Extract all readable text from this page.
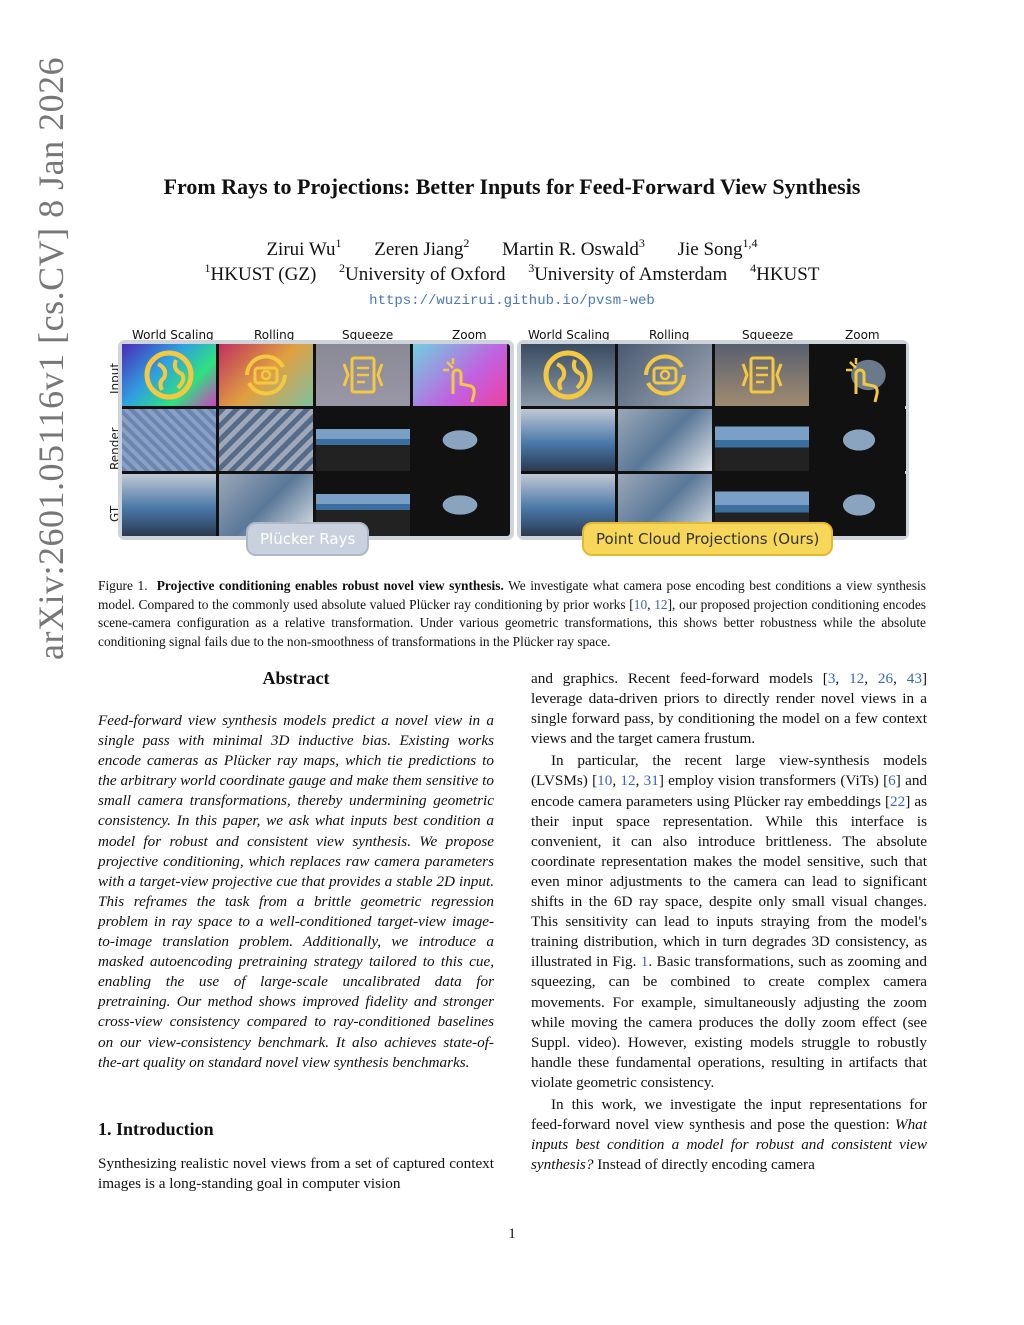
arXiv:2601.05116v1 [cs.CV] 8 Jan 2026	From Rays to Projections: Better Inputs for Feed-Forward View Synthesis
Zirui Wu$^1$ Zeren Jiang$^2$ Martin R. Oswald$^3$ Jie Song$^{1,4}$
$^1$HKUST (GZ) $^2$University of Oxford $^3$University of Amsterdam $^4$HKUST
https://wuzirui.github.io/pvsm-web
World Scaling	Rolling	Squeeze	Zoom	World Scaling	Rolling	Squeeze	Zoom
Input
Render
GT
Plücker Rays	Point Cloud Projections (Ours)
Figure 1. Projective conditioning enables robust novel view synthesis. We investigate what camera pose encoding best conditions a view synthesis model. Compared to the commonly used absolute valued Plücker ray conditioning by prior works [10, 12], our proposed projection conditioning encodes scene-camera configuration as a relative transformation. Under various geometric transformations, this shows better robustness while the absolute conditioning signal fails due to the non-smoothness of transformations in the Plücker ray space.
Abstract

Feed-forward view synthesis models predict a novel view in a single pass with minimal 3D inductive bias. Existing works encode cameras as Plücker ray maps, which tie predictions to the arbitrary world coordinate gauge and make them sensitive to small camera transformations, thereby undermining geometric consistency. In this paper, we ask what inputs best condition a model for robust and consistent view synthesis. We propose projective conditioning, which replaces raw camera parameters with a target-view projective cue that provides a stable 2D input. This reframes the task from a brittle geometric regression problem in ray space to a well-conditioned target-view image-to-image translation problem. Additionally, we introduce a masked autoencoding pretraining strategy tailored to this cue, enabling the use of large-scale uncalibrated data for pretraining. Our method shows improved fidelity and stronger cross-view consistency compared to ray-conditioned baselines on our view-consistency benchmark. It also achieves state-of-the-art quality on standard novel view synthesis benchmarks.

1. Introduction

Synthesizing realistic novel views from a set of captured context images is a long-standing goal in computer vision

and graphics. Recent feed-forward models [3, 12, 26, 43] leverage data-driven priors to directly render novel views in a single forward pass, by conditioning the model on a few context views and the target camera frustum.

In particular, the recent large view-synthesis models (LVSMs) [10, 12, 31] employ vision transformers (ViTs) [6] and encode camera parameters using Plücker ray embeddings [22] as their input space representation. While this interface is convenient, it can also introduce brittleness. The absolute coordinate representation makes the model sensitive, such that even minor adjustments to the camera can lead to significant shifts in the 6D ray space, despite only small visual changes. This sensitivity can lead to inputs straying from the model's training distribution, which in turn degrades 3D consistency, as illustrated in Fig. 1. Basic transformations, such as zooming and squeezing, can be combined to create complex camera movements. For example, simultaneously adjusting the zoom while moving the camera produces the dolly zoom effect (see Suppl. video). However, existing models struggle to robustly handle these fundamental operations, resulting in artifacts that violate geometric consistency.

In this work, we investigate the input representations for feed-forward novel view synthesis and pose the question: What inputs best condition a model for robust and consistent view synthesis? Instead of directly encoding camera

1
